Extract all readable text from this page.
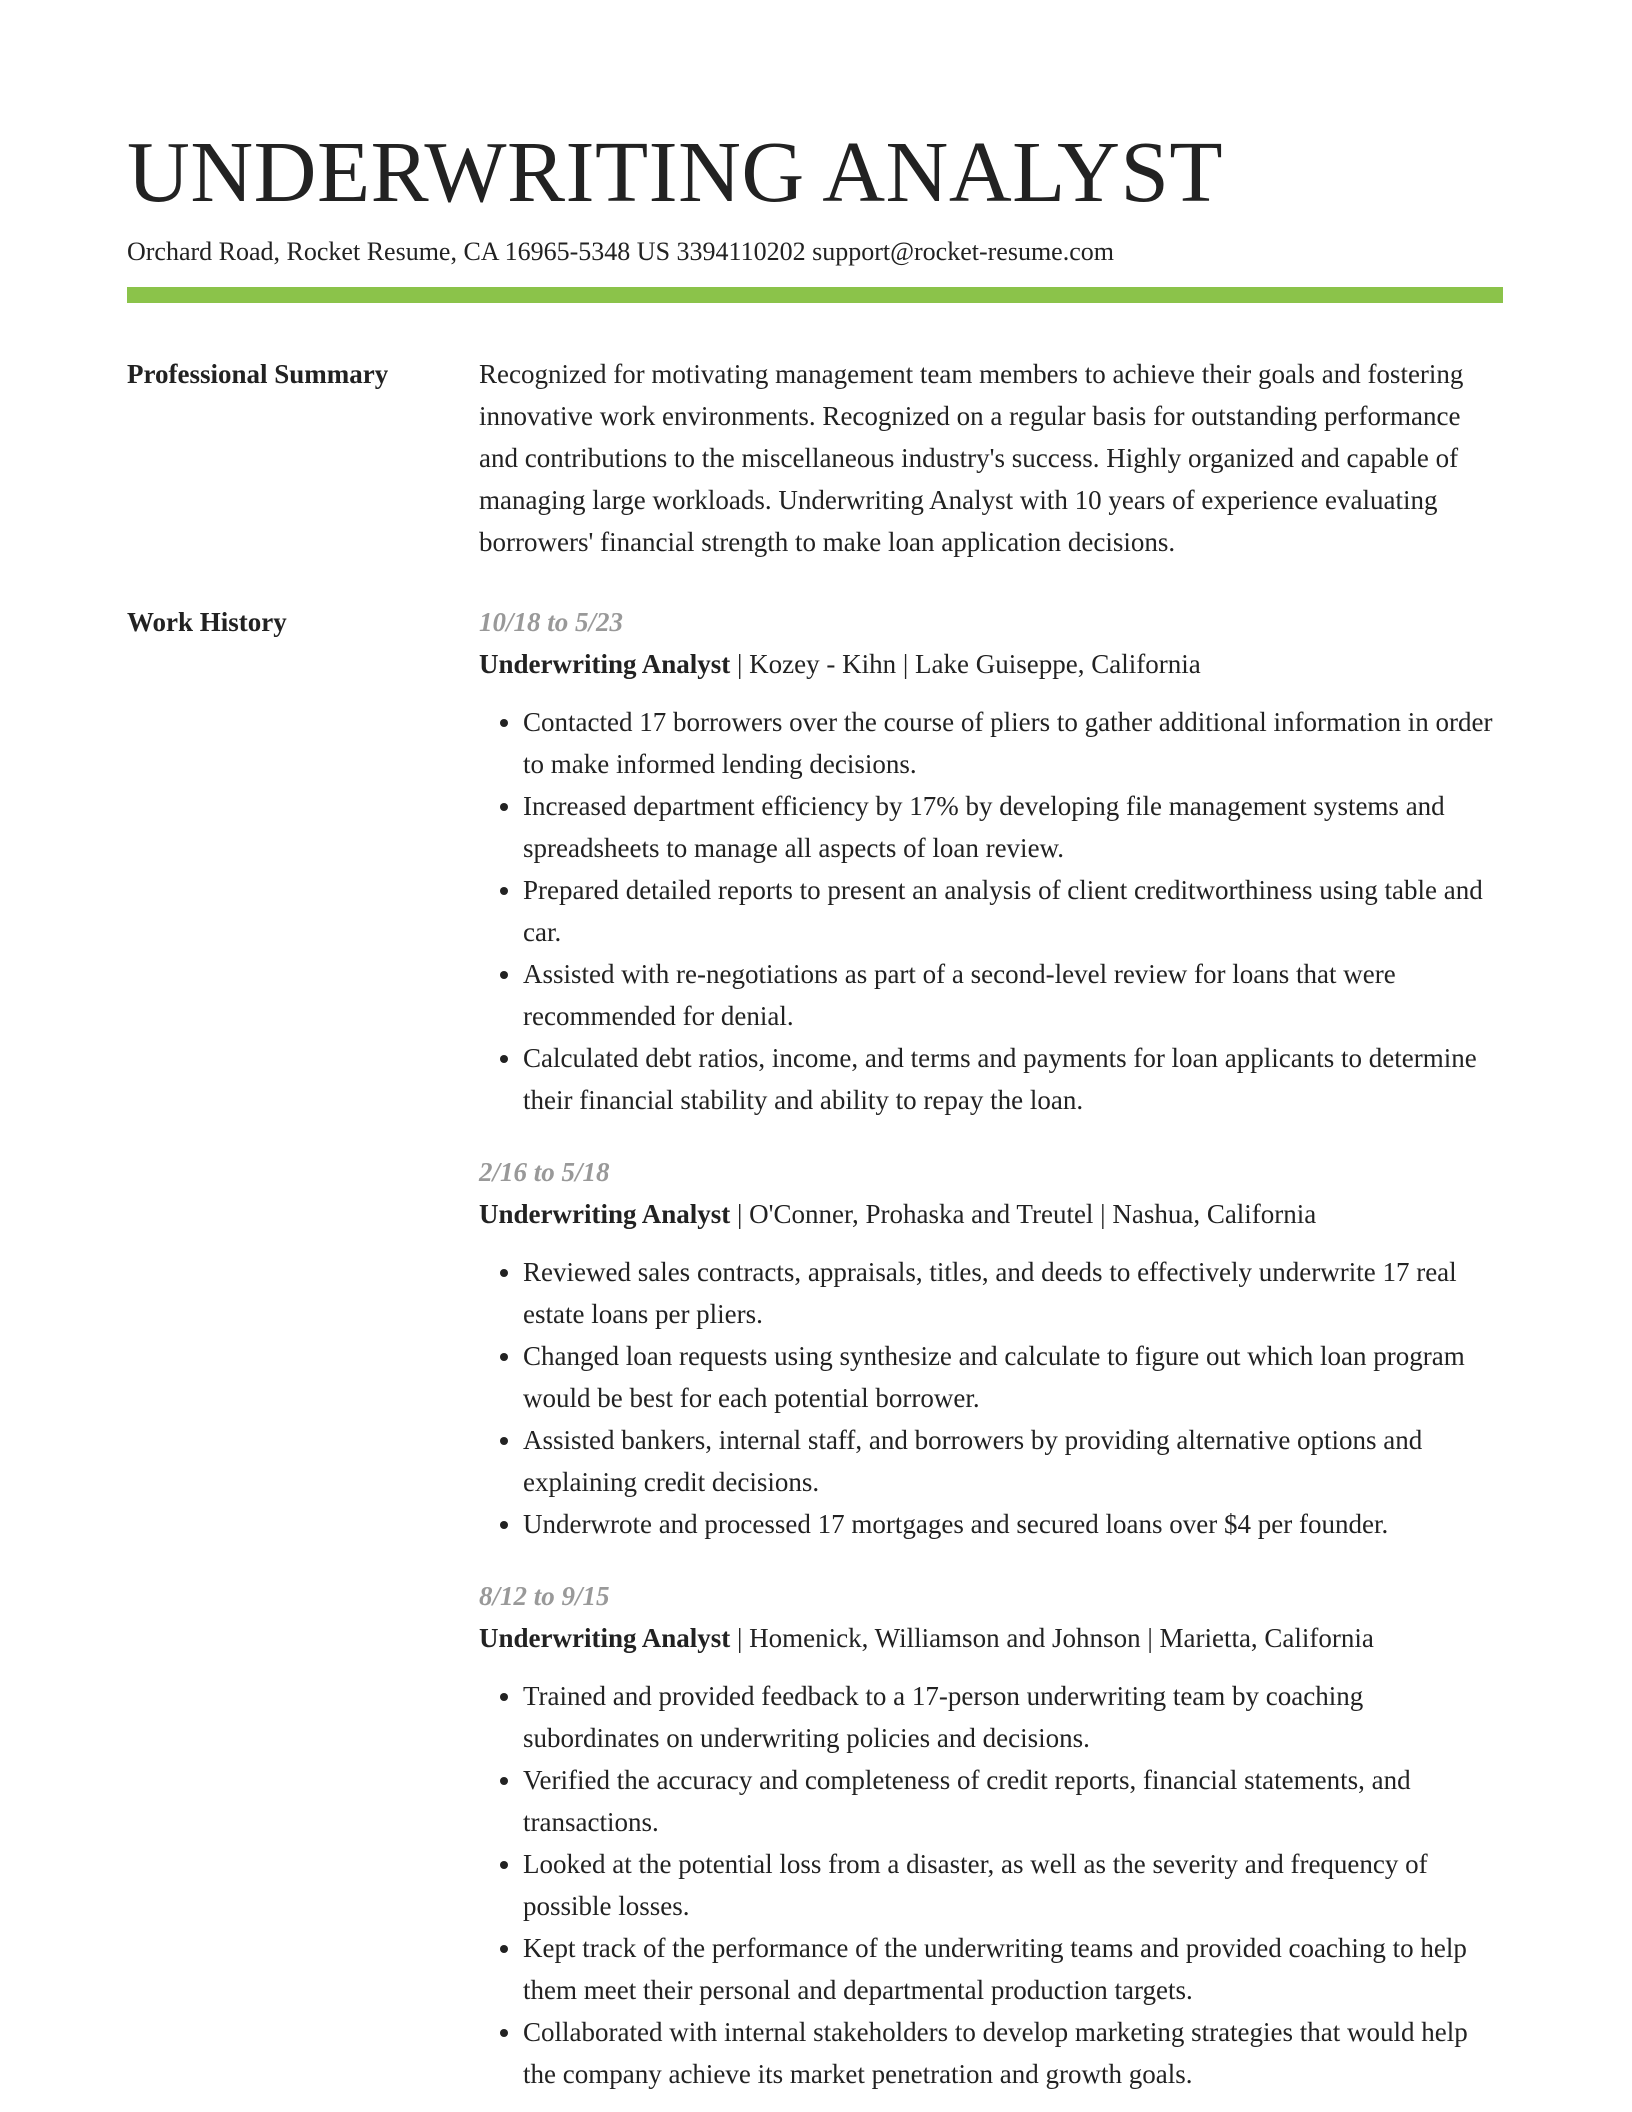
UNDERWRITING ANALYST
Orchard Road, Rocket Resume, CA 16965-5348 US 3394110202 support@rocket-resume.com
Professional Summary	Recognized for motivating management team members to achieve their goals and fostering innovative work environments. Recognized on a regular basis for outstanding performance and contributions to the miscellaneous industry's success. Highly organized and capable of managing large workloads. Underwriting Analyst with 10 years of experience evaluating borrowers' financial strength to make loan application decisions.

Work History	10/18 to 5/23
Underwriting Analyst | Kozey - Kihn | Lake Guiseppe, California
• Contacted 17 borrowers over the course of pliers to gather additional information in order to make informed lending decisions.
• Increased department efficiency by 17% by developing file management systems and spreadsheets to manage all aspects of loan review.
• Prepared detailed reports to present an analysis of client creditworthiness using table and car.
• Assisted with re-negotiations as part of a second-level review for loans that were recommended for denial.
• Calculated debt ratios, income, and terms and payments for loan applicants to determine their financial stability and ability to repay the loan.
2/16 to 5/18
Underwriting Analyst | O'Conner, Prohaska and Treutel | Nashua, California
• Reviewed sales contracts, appraisals, titles, and deeds to effectively underwrite 17 real estate loans per pliers.
• Changed loan requests using synthesize and calculate to figure out which loan program would be best for each potential borrower.
• Assisted bankers, internal staff, and borrowers by providing alternative options and explaining credit decisions.
• Underwrote and processed 17 mortgages and secured loans over $4 per founder.
8/12 to 9/15
Underwriting Analyst | Homenick, Williamson and Johnson | Marietta, California
• Trained and provided feedback to a 17-person underwriting team by coaching subordinates on underwriting policies and decisions.
• Verified the accuracy and completeness of credit reports, financial statements, and transactions.
• Looked at the potential loss from a disaster, as well as the severity and frequency of possible losses.
• Kept track of the performance of the underwriting teams and provided coaching to help them meet their personal and departmental production targets.
• Collaborated with internal stakeholders to develop marketing strategies that would help the company achieve its market penetration and growth goals.
